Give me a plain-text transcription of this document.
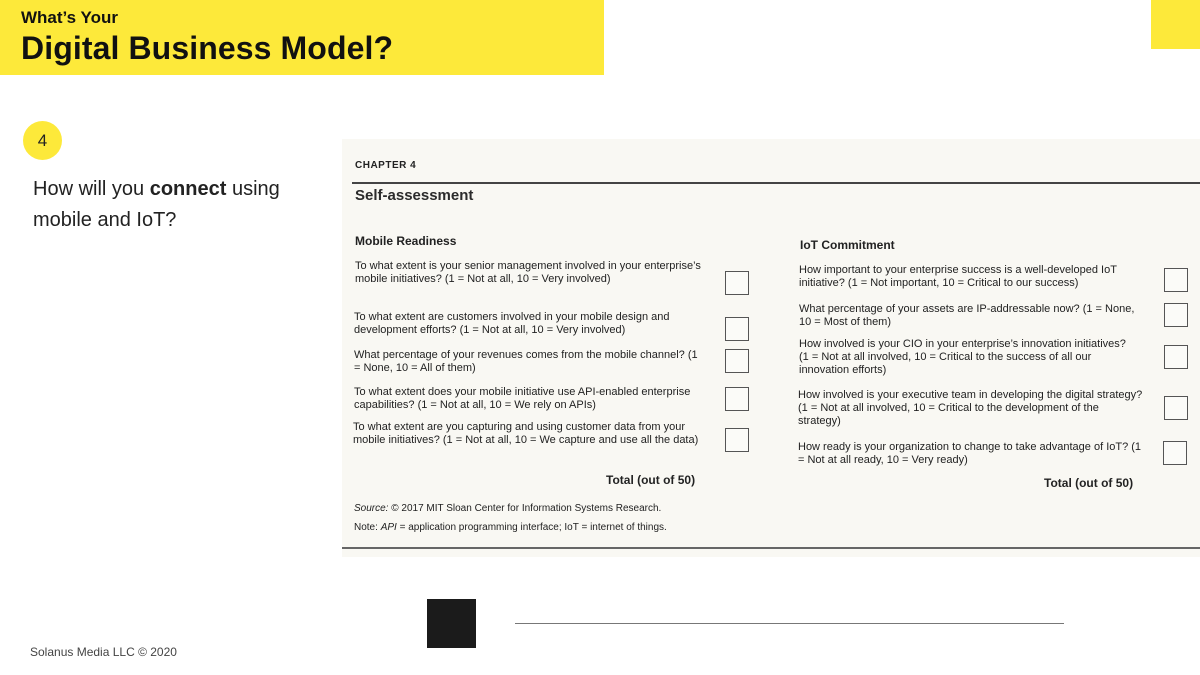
What’s Your
Digital Business Model?
4
How will you connect using mobile and IoT?
CHAPTER 4
Self-assessment
Mobile Readiness
To what extent is your senior management involved in your enterprise’s mobile initiatives? (1 = Not at all, 10 = Very involved)
To what extent are customers involved in your mobile design and development efforts? (1 = Not at all, 10 = Very involved)
What percentage of your revenues comes from the mobile channel? (1 = None, 10 = All of them)
To what extent does your mobile initiative use API-enabled enterprise capabilities? (1 = Not at all, 10 = We rely on APIs)
To what extent are you capturing and using customer data from your mobile initiatives? (1 = Not at all, 10 = We capture and use all the data)
Total (out of 50)
IoT Commitment
How important to your enterprise success is a well-developed IoT initiative? (1 = Not important, 10 = Critical to our success)
What percentage of your assets are IP-addressable now? (1 = None, 10 = Most of them)
How involved is your CIO in your enterprise’s innovation initiatives? (1 = Not at all involved, 10 = Critical to the success of all our innovation efforts)
How involved is your executive team in developing the digital strategy? (1 = Not at all involved, 10 = Critical to the development of the strategy)
How ready is your organization to change to take advantage of IoT? (1 = Not at all ready, 10 = Very ready)
Total (out of 50)
Source: © 2017 MIT Sloan Center for Information Systems Research.
Note: API = application programming interface; IoT = internet of things.
Solanus Media LLC © 2020
